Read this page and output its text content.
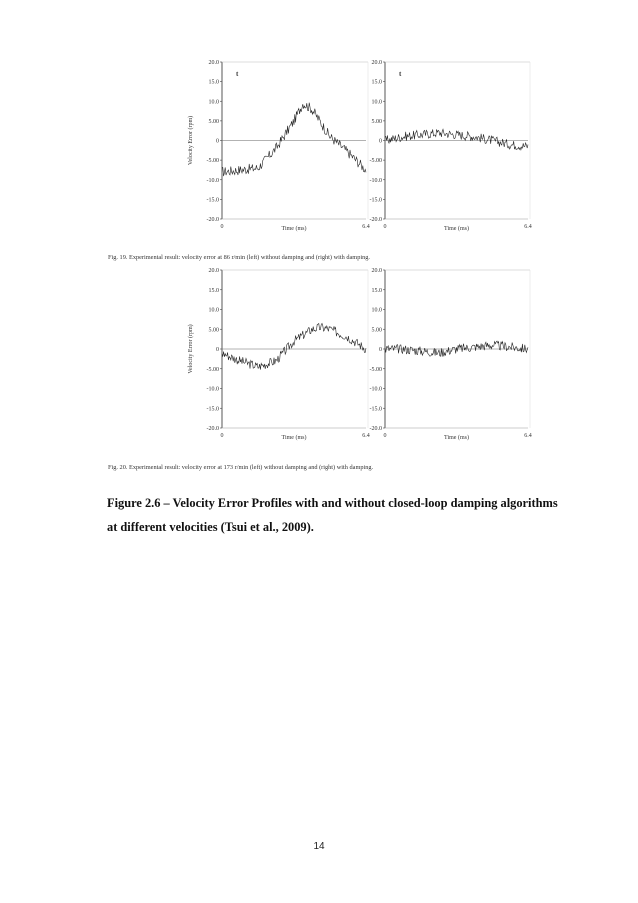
20.0
15.0
10.0
5.00
0
-5.00
-10.0
-15.0
-20.0
0	6.4
Time (ms)
Velocity Error (rpm)
t
20.0
15.0
10.0
5.00
0
-5.00
-10.0
-15.0
-20.0
0	6.4
Time (ms)
t
20.0
15.0
10.0
5.00
0
-5.00
-10.0
-15.0
-20.0
0	6.4
Time (ms)
Velocity Error (rpm)
20.0
15.0
10.0
5.00
0
-5.00
-10.0
-15.0
-20.0
0	6.4
Time (ms)
Fig. 19. Experimental result: velocity error at 86 r/min (left) without damping and (right) with damping.
Fig. 20. Experimental result: velocity error at 173 r/min (left) without damping and (right) with damping.
Figure 2.6 – Velocity Error Profiles with and without closed-loop damping algorithms
at different velocities (Tsui et al., 2009).
14
